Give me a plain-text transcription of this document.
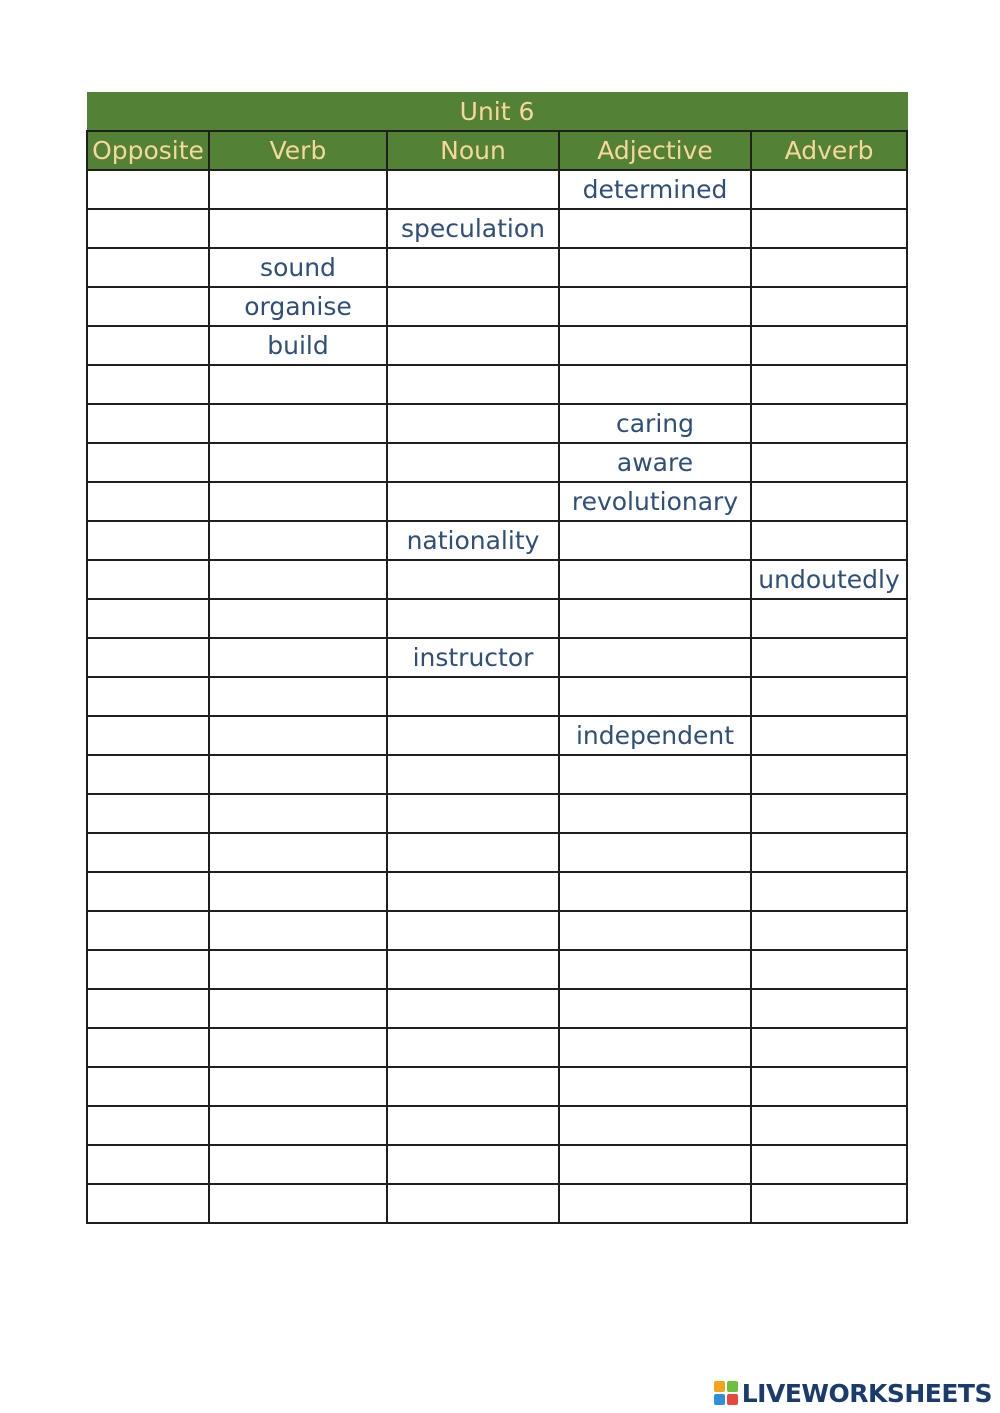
Unit 6				
Opposite	Verb	Noun	Adjective	Adverb
			determined	
		speculation		
	sound			
	organise			
	build			

			caring	
			aware	
			revolutionary	
		nationality		
				undoutedly

		instructor		

			independent	

LIVEWORKSHEETS
